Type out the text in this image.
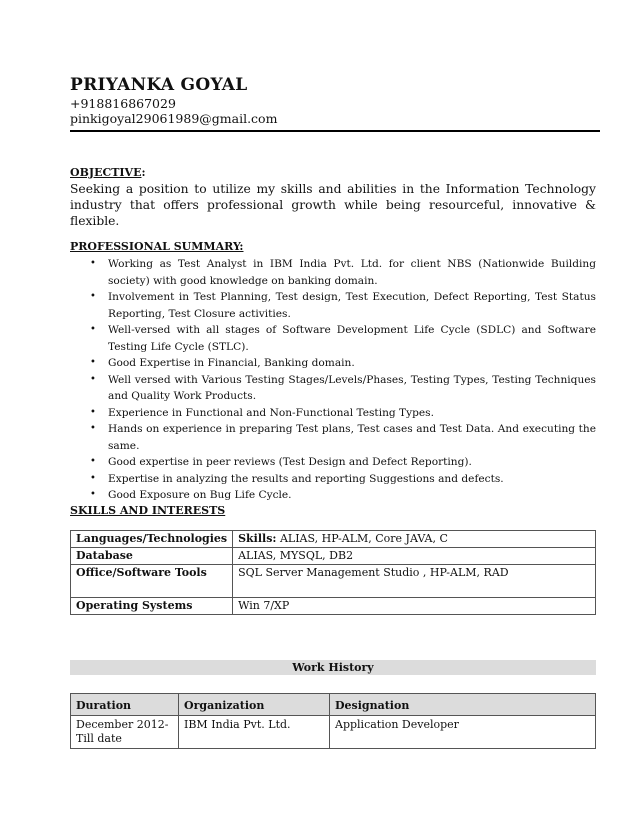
PRIYANKA GOYAL
+918816867029
pinkigoyal29061989@gmail.com
OBJECTIVE:
Seeking a position to utilize my skills and abilities in the Information Technology industry that offers professional growth while being resourceful, innovative & flexible.
PROFESSIONAL SUMMARY:
• Working as Test Analyst in IBM India Pvt. Ltd. for client NBS (Nationwide Building society) with good knowledge on banking domain.
• Involvement in Test Planning, Test design, Test Execution, Defect Reporting, Test Status Reporting, Test Closure activities.
• Well-versed with all stages of Software Development Life Cycle (SDLC) and Software Testing Life Cycle (STLC).
• Good Expertise in Financial, Banking domain.
• Well versed with Various Testing Stages/Levels/Phases, Testing Types, Testing Techniques and Quality Work Products.
• Experience in Functional and Non-Functional Testing Types.
• Hands on experience in preparing Test plans, Test cases and Test Data. And executing the same.
• Good expertise in peer reviews (Test Design and Defect Reporting).
• Expertise in analyzing the results and reporting Suggestions and defects.
• Good Exposure on Bug Life Cycle.
SKILLS AND INTERESTS
Languages/Technologies	Skills: ALIAS, HP-ALM, Core JAVA, C
Database	ALIAS, MYSQL, DB2
Office/Software Tools	SQL Server Management Studio , HP-ALM, RAD
Operating Systems	Win 7/XP
Work History
Duration	Organization	Designation

December 2012-
Till date	IBM India Pvt. Ltd.	Application Developer
